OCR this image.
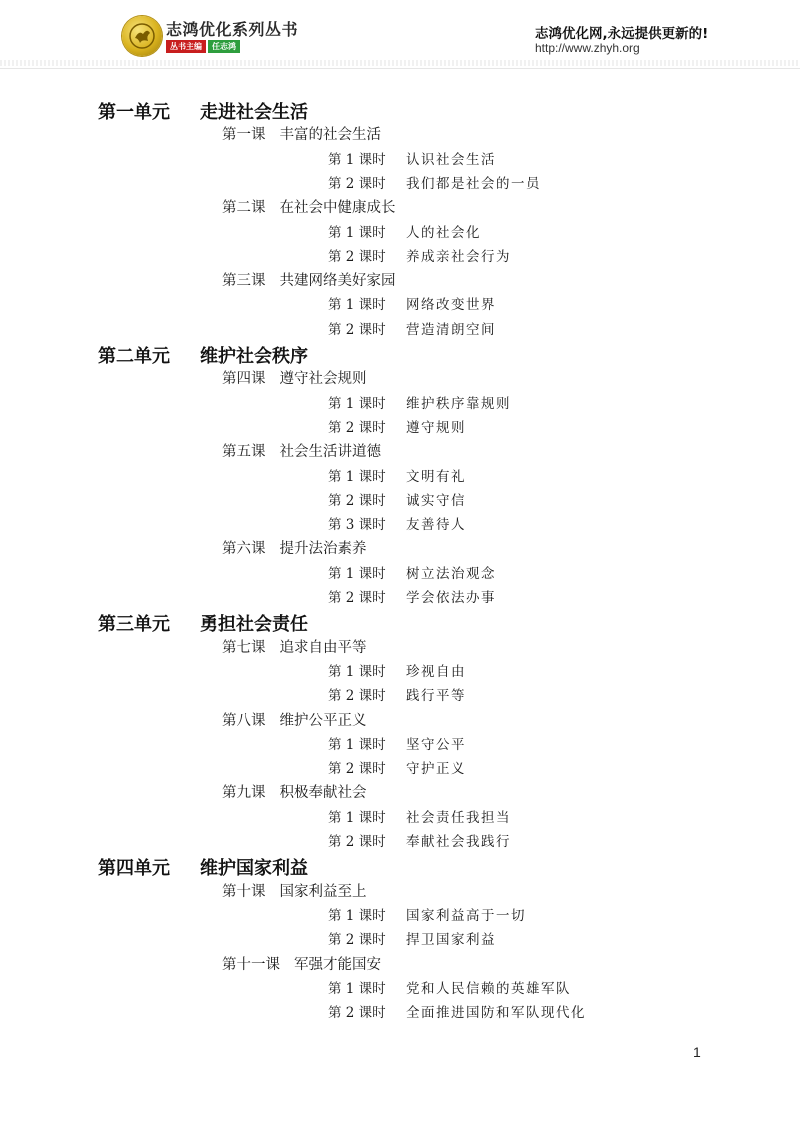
志鸿优化系列丛书
丛书主编 任志鸿
志鸿优化网,永远提供更新的!
http://www.zhyh.org
第一单元 走进社会生活
第一课 丰富的社会生活
第 1 课时 认识社会生活
第 2 课时 我们都是社会的一员
第二课 在社会中健康成长
第 1 课时 人的社会化
第 2 课时 养成亲社会行为
第三课 共建网络美好家园
第 1 课时 网络改变世界
第 2 课时 营造清朗空间
第二单元 维护社会秩序
第四课 遵守社会规则
第 1 课时 维护秩序靠规则
第 2 课时 遵守规则
第五课 社会生活讲道德
第 1 课时 文明有礼
第 2 课时 诚实守信
第 3 课时 友善待人
第六课 提升法治素养
第 1 课时 树立法治观念
第 2 课时 学会依法办事
第三单元 勇担社会责任
第七课 追求自由平等
第 1 课时 珍视自由
第 2 课时 践行平等
第八课 维护公平正义
第 1 课时 坚守公平
第 2 课时 守护正义
第九课 积极奉献社会
第 1 课时 社会责任我担当
第 2 课时 奉献社会我践行
第四单元 维护国家利益
第十课 国家利益至上
第 1 课时 国家利益高于一切
第 2 课时 捍卫国家利益
第十一课 军强才能国安
第 1 课时 党和人民信赖的英雄军队
第 2 课时 全面推进国防和军队现代化
1
